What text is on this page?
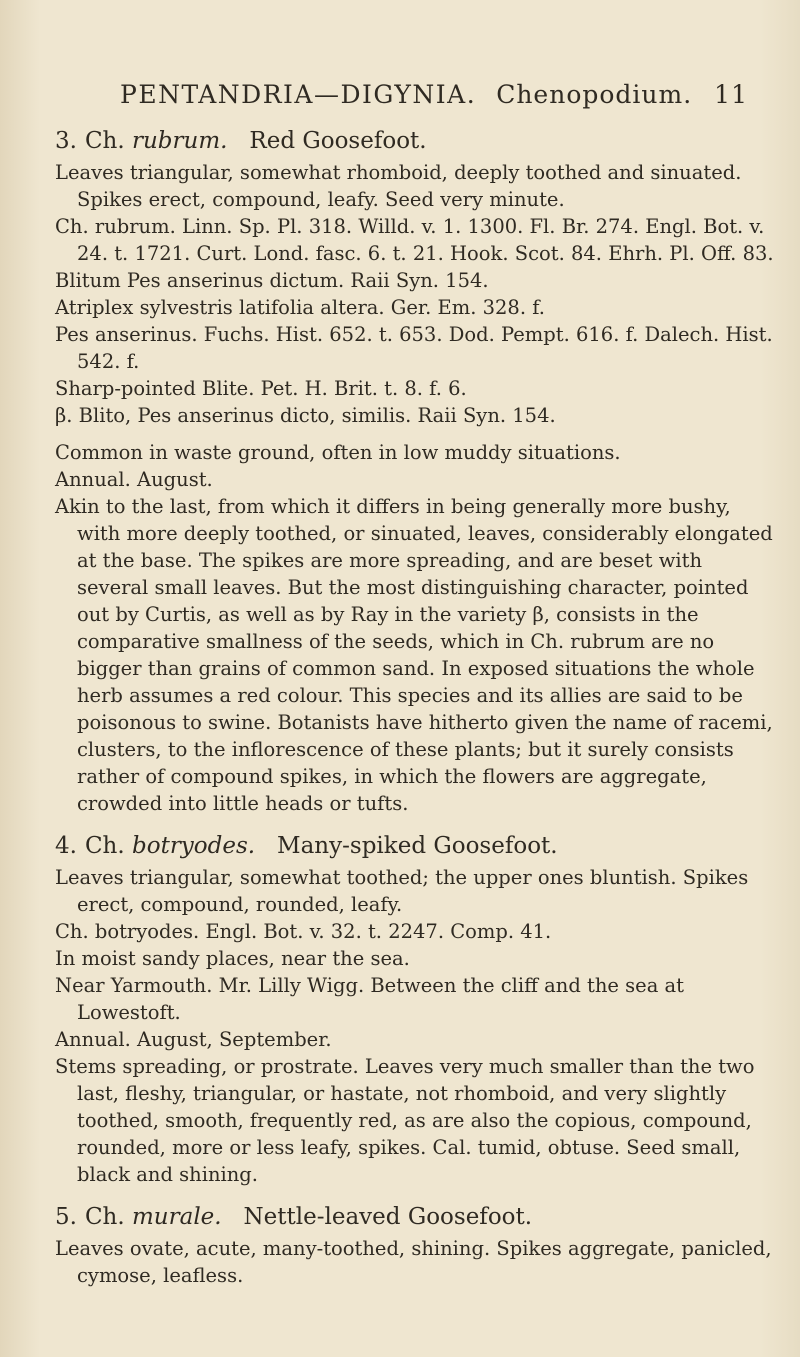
PENTANDRIA—DIGYNIA. Chenopodium. 11
3. Ch. rubrum. Red Goosefoot.

Leaves triangular, somewhat rhomboid, deeply toothed and sinuated. Spikes erect, compound, leafy. Seed very minute.

Ch. rubrum. Linn. Sp. Pl. 318. Willd. v. 1. 1300. Fl. Br. 274. Engl. Bot. v. 24. t. 1721. Curt. Lond. fasc. 6. t. 21. Hook. Scot. 84. Ehrh. Pl. Off. 83.

Blitum Pes anserinus dictum. Raii Syn. 154.

Atriplex sylvestris latifolia altera. Ger. Em. 328. f.

Pes anserinus. Fuchs. Hist. 652. t. 653. Dod. Pempt. 616. f. Dalech. Hist. 542. f.

Sharp-pointed Blite. Pet. H. Brit. t. 8. f. 6.

β. Blito, Pes anserinus dicto, similis. Raii Syn. 154.

Common in waste ground, often in low muddy situations.

Annual. August.

Akin to the last, from which it differs in being generally more bushy, with more deeply toothed, or sinuated, leaves, considerably elongated at the base. The spikes are more spreading, and are beset with several small leaves. But the most distinguishing character, pointed out by Curtis, as well as by Ray in the variety β, consists in the comparative smallness of the seeds, which in Ch. rubrum are no bigger than grains of common sand. In exposed situations the whole herb assumes a red colour. This species and its allies are said to be poisonous to swine. Botanists have hitherto given the name of racemi, clusters, to the inflorescence of these plants; but it surely consists rather of compound spikes, in which the flowers are aggregate, crowded into little heads or tufts.

4. Ch. botryodes. Many-spiked Goosefoot.

Leaves triangular, somewhat toothed; the upper ones bluntish. Spikes erect, compound, rounded, leafy.

Ch. botryodes. Engl. Bot. v. 32. t. 2247. Comp. 41.

In moist sandy places, near the sea.

Near Yarmouth. Mr. Lilly Wigg. Between the cliff and the sea at Lowestoft.

Annual. August, September.

Stems spreading, or prostrate. Leaves very much smaller than the two last, fleshy, triangular, or hastate, not rhomboid, and very slightly toothed, smooth, frequently red, as are also the copious, compound, rounded, more or less leafy, spikes. Cal. tumid, obtuse. Seed small, black and shining.

5. Ch. murale. Nettle-leaved Goosefoot.

Leaves ovate, acute, many-toothed, shining. Spikes aggregate, panicled, cymose, leafless.
